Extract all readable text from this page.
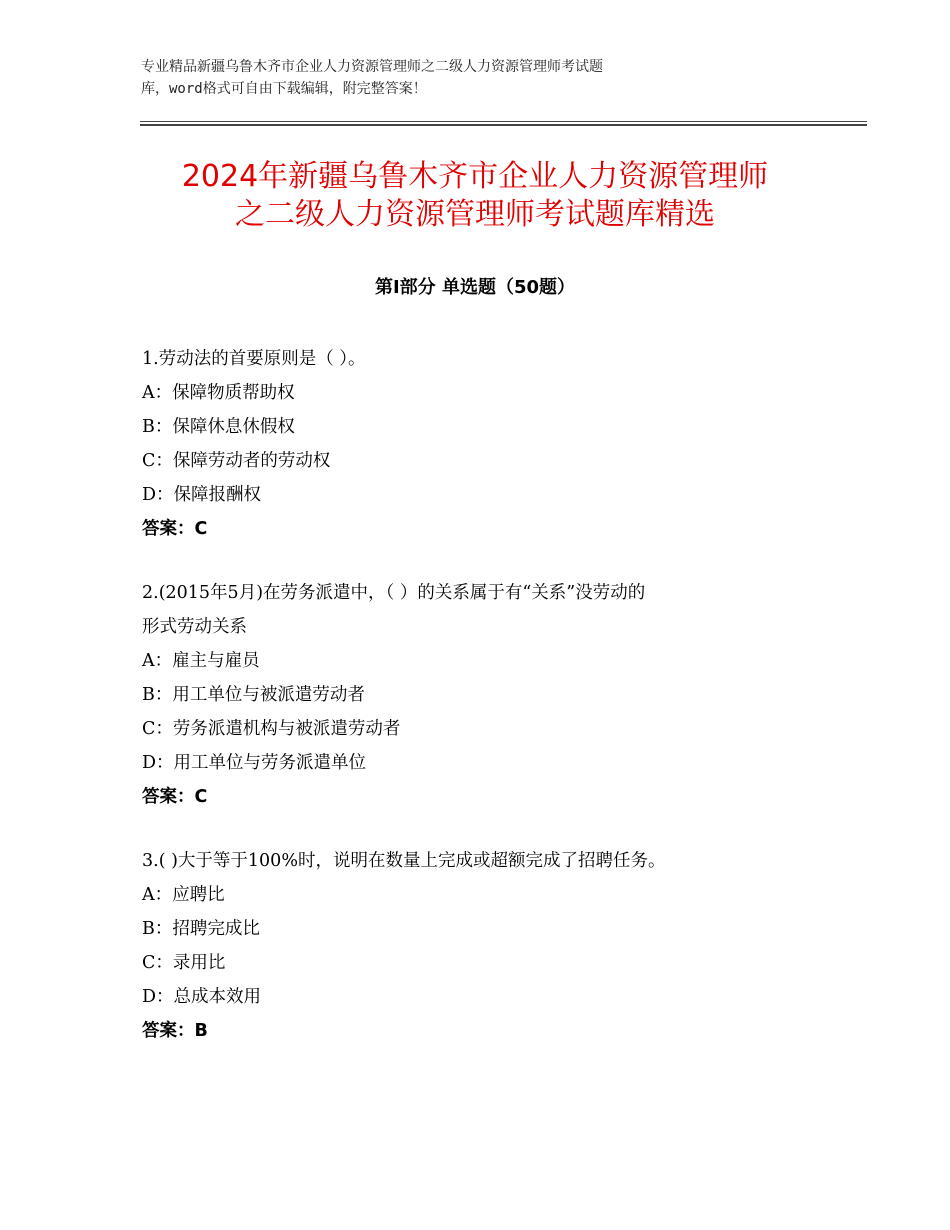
专业精品新疆乌鲁木齐市企业人力资源管理师之二级人力资源管理师考试题
库，word格式可自由下载编辑，附完整答案！
2024年新疆乌鲁木齐市企业人力资源管理师
之二级人力资源管理师考试题库精选
第Ⅰ部分 单选题（50题）
1.劳动法的首要原则是（ ）。
A：保障物质帮助权
B：保障休息休假权
C：保障劳动者的劳动权
D：保障报酬权
答案：C
2.(2015年5月)在劳务派遣中，（ ）的关系属于有“关系”没劳动的
形式劳动关系
A：雇主与雇员
B：用工单位与被派遣劳动者
C：劳务派遣机构与被派遣劳动者
D：用工单位与劳务派遣单位
答案：C
3.( )大于等于100%时，说明在数量上完成或超额完成了招聘任务。
A：应聘比
B：招聘完成比
C：录用比
D：总成本效用
答案：B
